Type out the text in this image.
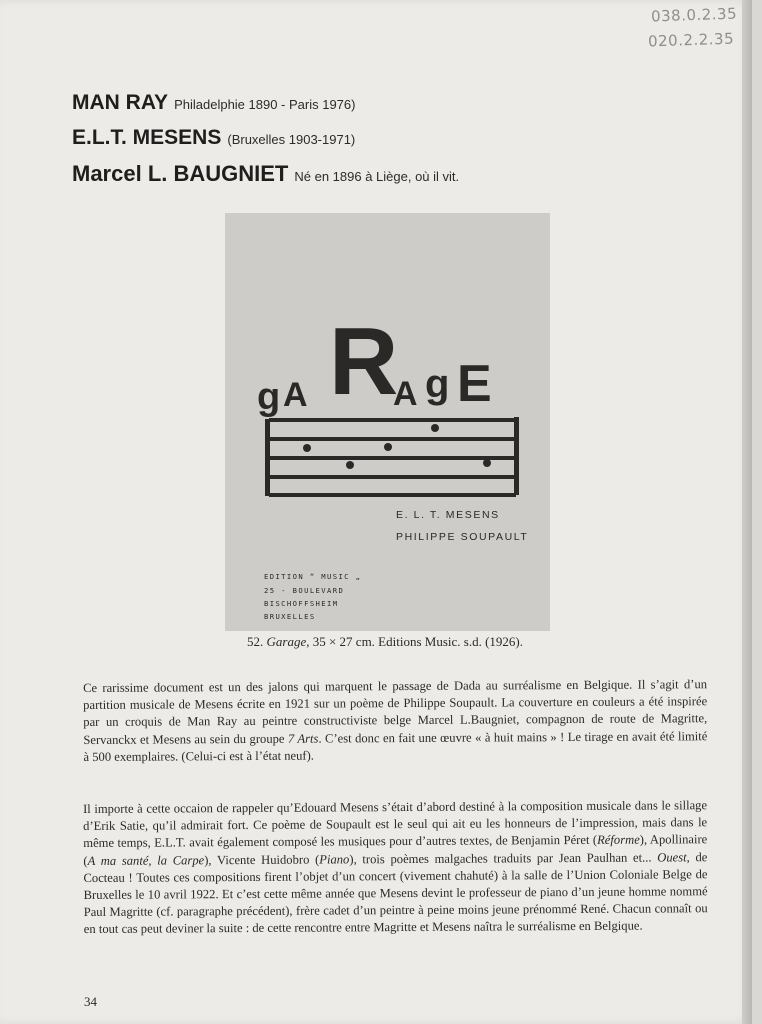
038.0.2.35
020.2.2.35
MAN RAY Philadelphie 1890 - Paris 1976)
E.L.T. MESENS (Bruxelles 1903-1971)
Marcel L. BAUGNIET Né en 1896 à Liège, où il vit.
g A R
A g E
E. L. T. MESENS
PHILIPPE SOUPAULT
EDITION “ MUSIC „
25 - BOULEVARD
BISCHOFFSHEIM
BRUXELLES
52. Garage, 35 × 27 cm. Editions Music. s.d. (1926).

Ce rarissime document est un des jalons qui marquent le passage de Dada au surréalisme en Belgique. Il s’agit d’un partition musicale de Mesens écrite en 1921 sur un poème de Philippe Soupault. La couverture en couleurs a été inspirée par un croquis de Man Ray au peintre constructiviste belge Marcel L.Baugniet, compagnon de route de Magritte, Servanckx et Mesens au sein du groupe 7 Arts. C’est donc en fait une œuvre « à huit mains » ! Le tirage en avait été limité à 500 exemplaires. (Celui-ci est à l’état neuf).

Il importe à cette occaion de rappeler qu’Edouard Mesens s’était d’abord destiné à la composition musicale dans le sillage d’Erik Satie, qu’il admirait fort. Ce poème de Soupault est le seul qui ait eu les honneurs de l’impression, mais dans le même temps, E.L.T. avait également composé les musiques pour d’autres textes, de Benjamin Péret (Réforme), Apollinaire (A ma santé, la Carpe), Vicente Huidobro (Piano), trois poèmes malgaches traduits par Jean Paulhan et... Ouest, de Cocteau ! Toutes ces compositions firent l’objet d’un concert (vivement chahuté) à la salle de l’Union Coloniale Belge de Bruxelles le 10 avril 1922. Et c’est cette même année que Mesens devint le professeur de piano d’un jeune homme nommé Paul Magritte (cf. paragraphe précédent), frère cadet d’un peintre à peine moins jeune prénommé René. Chacun connaît ou en tout cas peut deviner la suite : de cette rencontre entre Magritte et Mesens naîtra le surréalisme en Belgique.

34
